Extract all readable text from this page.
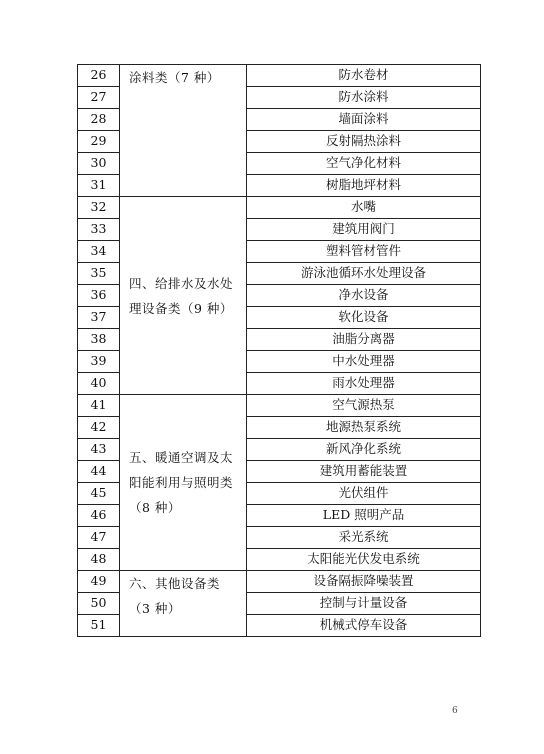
26	涂料类（7 种）	防水卷材
27		防水涂料
28		墙面涂料
29		反射隔热涂料
30		空气净化材料
31		树脂地坪材料
32	四、给排水及水处理设备类（9 种）	水嘴
33		建筑用阀门
34		塑料管材管件
35		游泳池循环水处理设备
36		净水设备
37		软化设备
38		油脂分离器
39		中水处理器
40		雨水处理器
41	五、暖通空调及太阳能利用与照明类（8 种）	空气源热泵
42		地源热泵系统
43		新风净化系统
44		建筑用蓄能装置
45		光伏组件
46		LED 照明产品
47		采光系统
48		太阳能光伏发电系统
49	六、其他设备类（3 种）	设备隔振降噪装置
50		控制与计量设备
51		机械式停车设备
6
